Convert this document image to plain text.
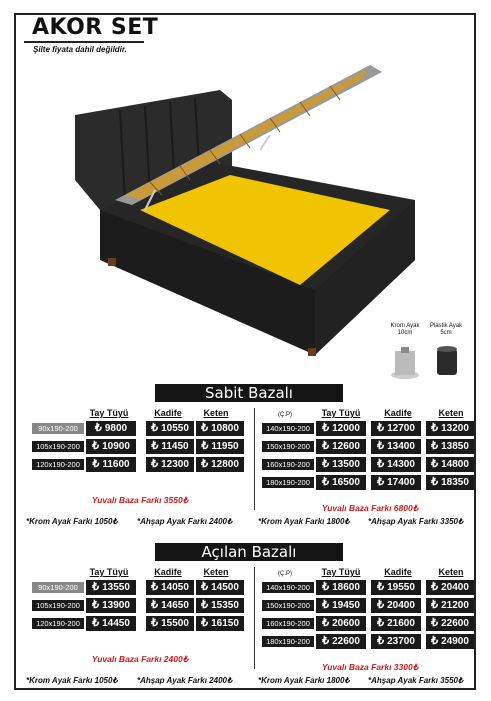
AKOR SET
Şilte fiyata dahil değildir.
Krom Ayak 10cm
Plastik Ayak 5cm
Sabit Bazalı
Tay Tüyü	Tay Tüyü
Kadife	Kadife
Keten	Keten
(Ç.P)
90x190-200	₺ 9800	₺ 10550	₺ 10800
105x190-200	₺ 10900	₺ 11450	₺ 11950
120x190-200	₺ 11600	₺ 12300	₺ 12800
140x190-200	₺ 12000	₺ 12700	₺ 13200
150x190-200	₺ 12600	₺ 13400	₺ 13850
160x190-200	₺ 13500	₺ 14300	₺ 14800
180x190-200	₺ 16500	₺ 17400	₺ 18350
Yuvalı Baza Farkı 3550₺
Yuvalı Baza Farkı 6800₺
*Krom Ayak Farkı 1050₺ *Ahşap Ayak Farkı 2400₺	*Krom Ayak Farkı 1800₺ *Ahşap Ayak Farkı 3350₺
Açılan Bazalı
Tay Tüyü	Tay Tüyü
Kadife	Kadife
Keten	Keten
(Ç.P)
90x190-200	₺ 13550	₺ 14050	₺ 14500
105x190-200	₺ 13900	₺ 14650	₺ 15350
120x190-200	₺ 14450	₺ 15500	₺ 16150
140x190-200	₺ 18600	₺ 19550	₺ 20400
150x190-200	₺ 19450	₺ 20400	₺ 21200
160x190-200	₺ 20600	₺ 21600	₺ 22600
180x190-200	₺ 22600	₺ 23700	₺ 24900
Yuvalı Baza Farkı 2400₺
Yuvalı Baza Farkı 3300₺
*Krom Ayak Farkı 1050₺ *Ahşap Ayak Farkı 2400₺	*Krom Ayak Farkı 1800₺ *Ahşap Ayak Farkı 3550₺
